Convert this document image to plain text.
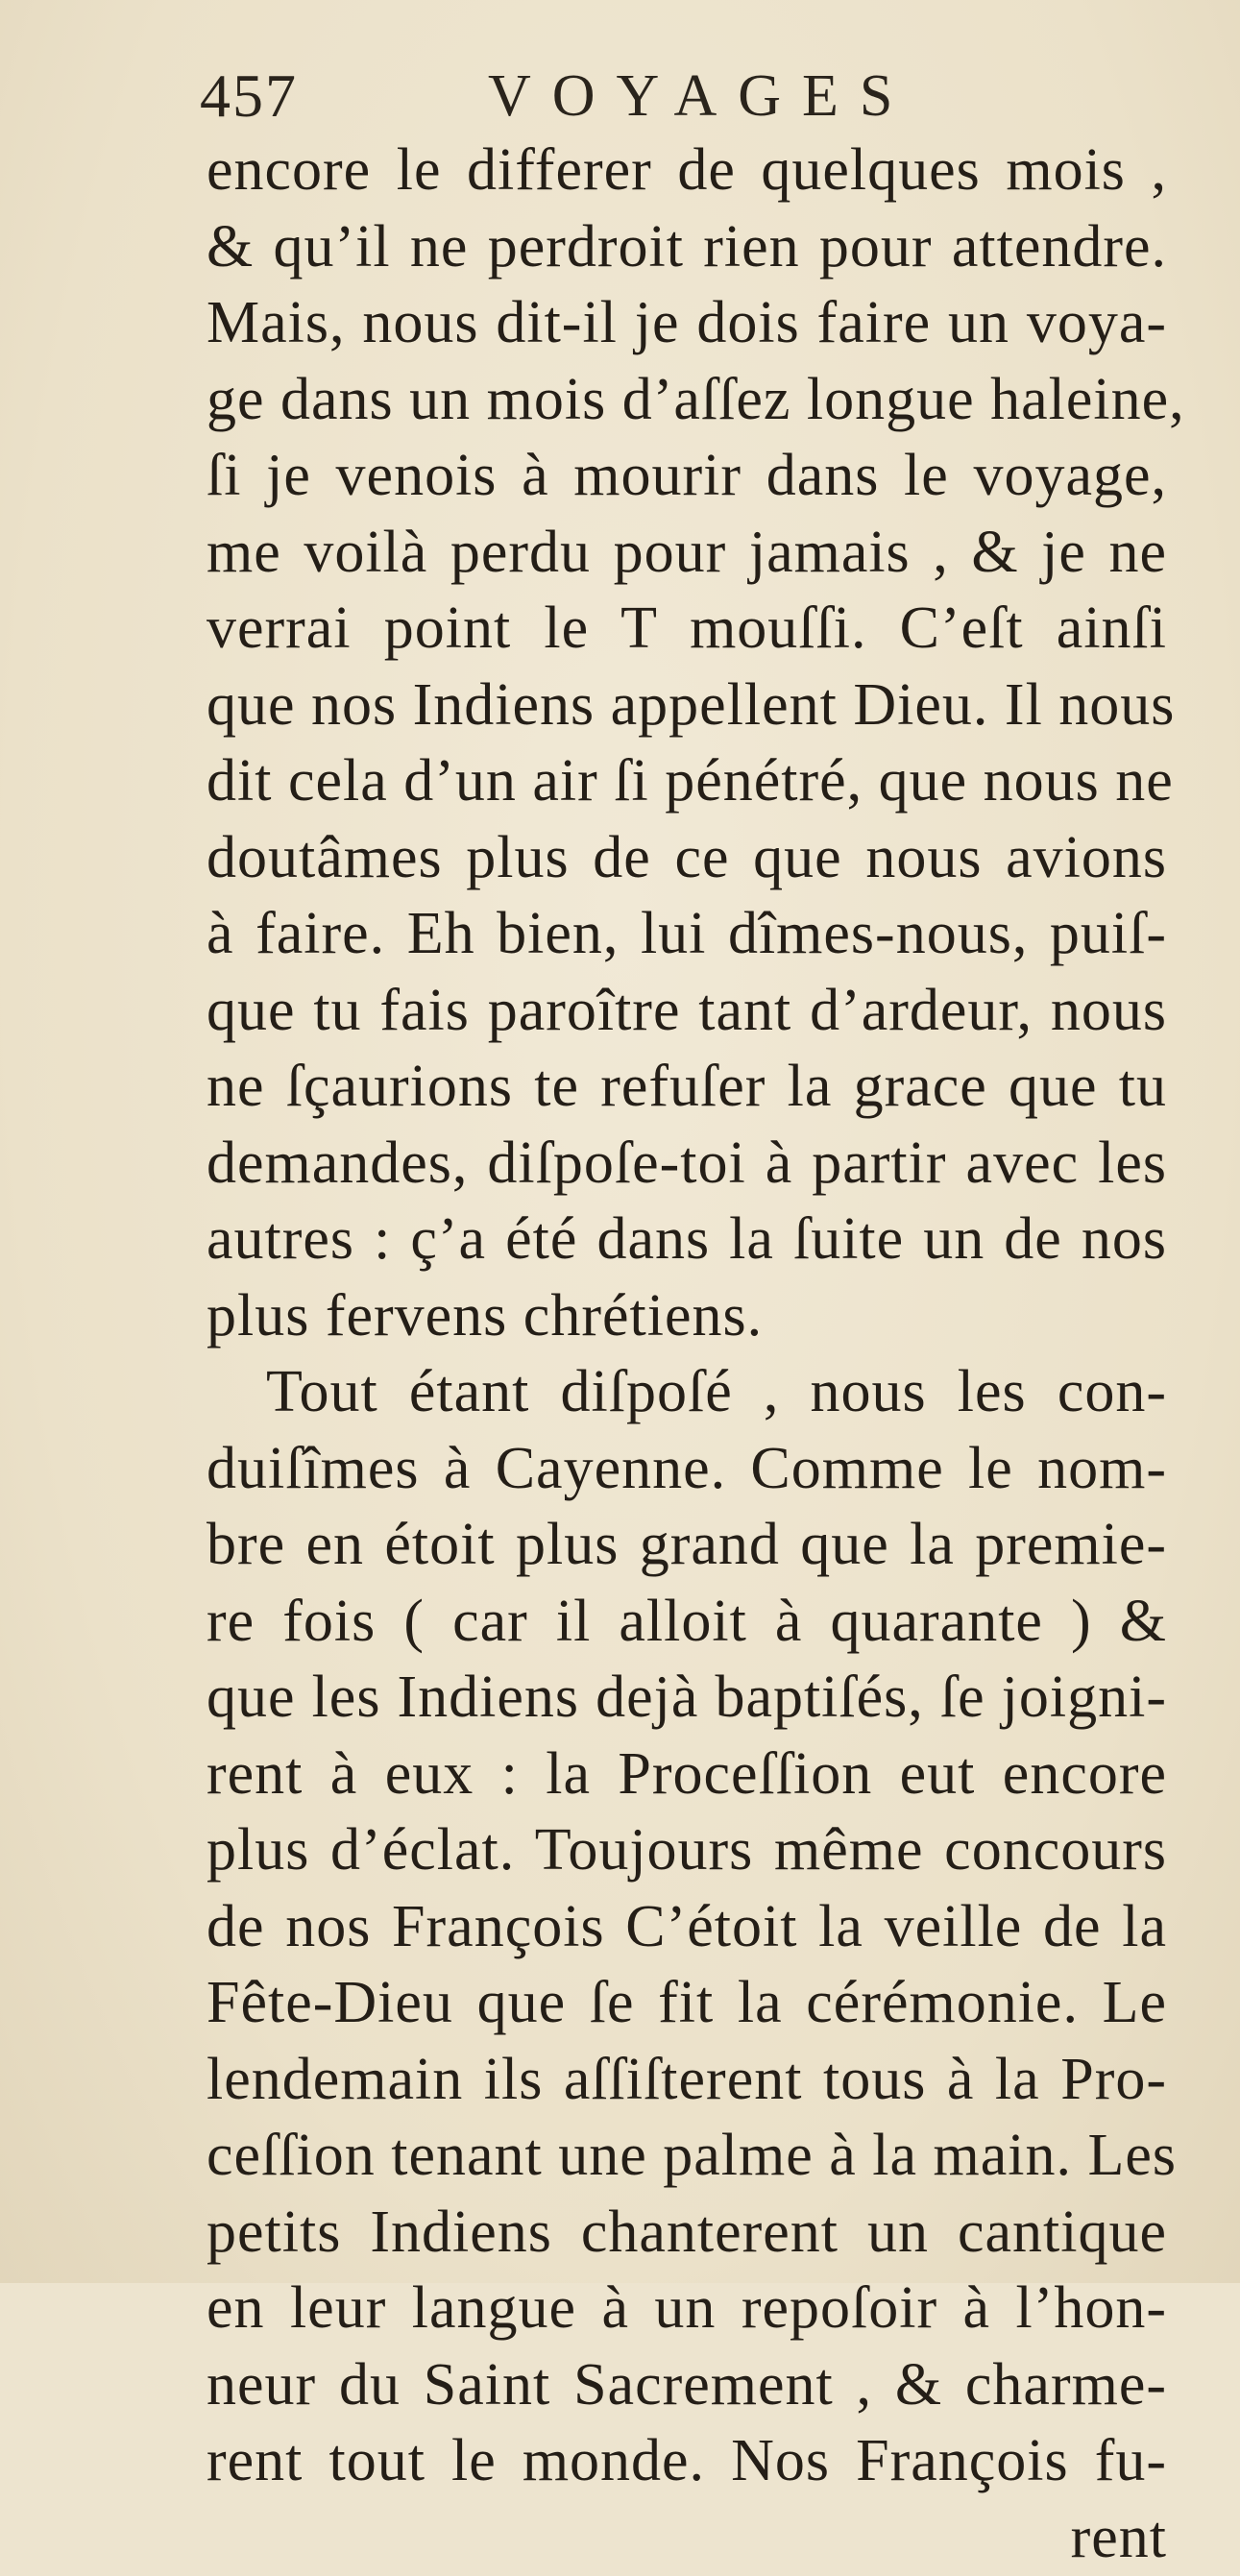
457	VOYAGES
encore le differer de quelques mois ,
& qu’il ne perdroit rien pour attendre.
Mais, nous dit-il je dois faire un voya-
ge dans un mois d’aſſez longue haleine,
ſi je venois à mourir dans le voyage,
me voilà perdu pour jamais , & je ne
verrai point le T mouſſi. C’eſt ainſi
que nos Indiens appellent Dieu. Il nous
dit cela d’un air ſi pénétré, que nous ne
doutâmes plus de ce que nous avions
à faire. Eh bien, lui dîmes-nous, puiſ-
que tu fais paroître tant d’ardeur, nous
ne ſçaurions te refuſer la grace que tu
demandes, diſpoſe-toi à partir avec les
autres : ç’a été dans la ſuite un de nos
plus fervens chrétiens.
Tout étant diſpoſé , nous les con-
duiſîmes à Cayenne. Comme le nom-
bre en étoit plus grand que la premie-
re fois ( car il alloit à quarante ) &
que les Indiens dejà baptiſés, ſe joigni-
rent à eux : la Proceſſion eut encore
plus d’éclat. Toujours même concours
de nos François C’étoit la veille de la
Fête-Dieu que ſe fit la cérémonie. Le
lendemain ils aſſiſterent tous à la Pro-
ceſſion tenant une palme à la main. Les
petits Indiens chanterent un cantique
en leur langue à un repoſoir à l’hon-
neur du Saint Sacrement , & charme-
rent tout le monde. Nos François fu-
rent
